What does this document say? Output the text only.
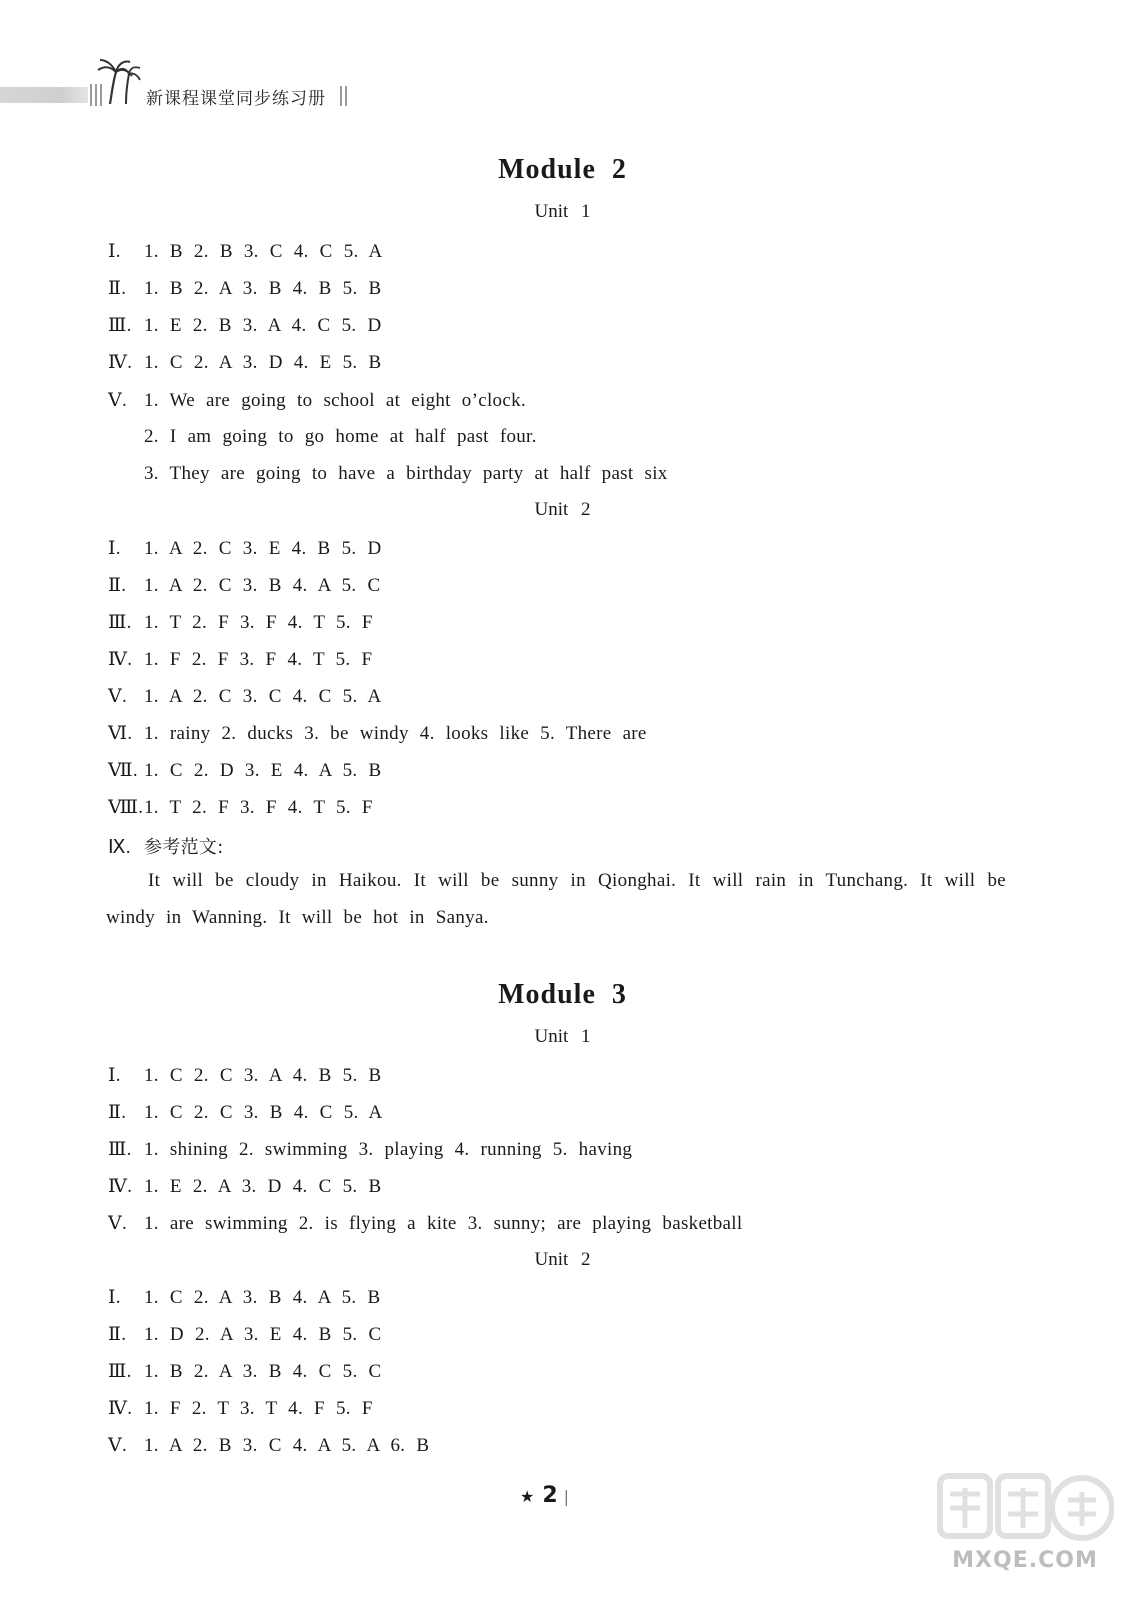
新课程课堂同步练习册
Module 2
Unit 1
Ⅰ. 1. B 2. B 3. C 4. C 5. A
Ⅱ. 1. B 2. A 3. B 4. B 5. B
Ⅲ. 1. E 2. B 3. A 4. C 5. D
Ⅳ. 1. C 2. A 3. D 4. E 5. B
Ⅴ. 1. We are going to school at eight o’clock.
2. I am going to go home at half past four.
3. They are going to have a birthday party at half past six
Unit 2
Ⅰ. 1. A 2. C 3. E 4. B 5. D
Ⅱ. 1. A 2. C 3. B 4. A 5. C
Ⅲ. 1. T 2. F 3. F 4. T 5. F
Ⅳ. 1. F 2. F 3. F 4. T 5. F
Ⅴ. 1. A 2. C 3. C 4. C 5. A
Ⅵ. 1. rainy 2. ducks 3. be windy 4. looks like 5. There are
Ⅶ. 1. C 2. D 3. E 4. A 5. B
Ⅷ.1. T 2. F 3. F 4. T 5. F
Ⅸ. 参考范文:
It will be cloudy in Haikou. It will be sunny in Qionghai. It will rain in Tunchang. It will be windy in Wanning. It will be hot in Sanya.
Module 3
Unit 1
Ⅰ. 1. C 2. C 3. A 4. B 5. B
Ⅱ. 1. C 2. C 3. B 4. C 5. A
Ⅲ. 1. shining 2. swimming 3. playing 4. running 5. having
Ⅳ. 1. E 2. A 3. D 4. C 5. B
Ⅴ. 1. are swimming 2. is flying a kite 3. sunny; are playing basketball
Unit 2
Ⅰ. 1. C 2. A 3. B 4. A 5. B
Ⅱ. 1. D 2. A 3. E 4. B 5. C
Ⅲ. 1. B 2. A 3. B 4. C 5. C
Ⅳ. 1. F 2. T 3. T 4. F 5. F
Ⅴ. 1. A 2. B 3. C 4. A 5. A 6. B
★ 2 |
MXQE.COM
